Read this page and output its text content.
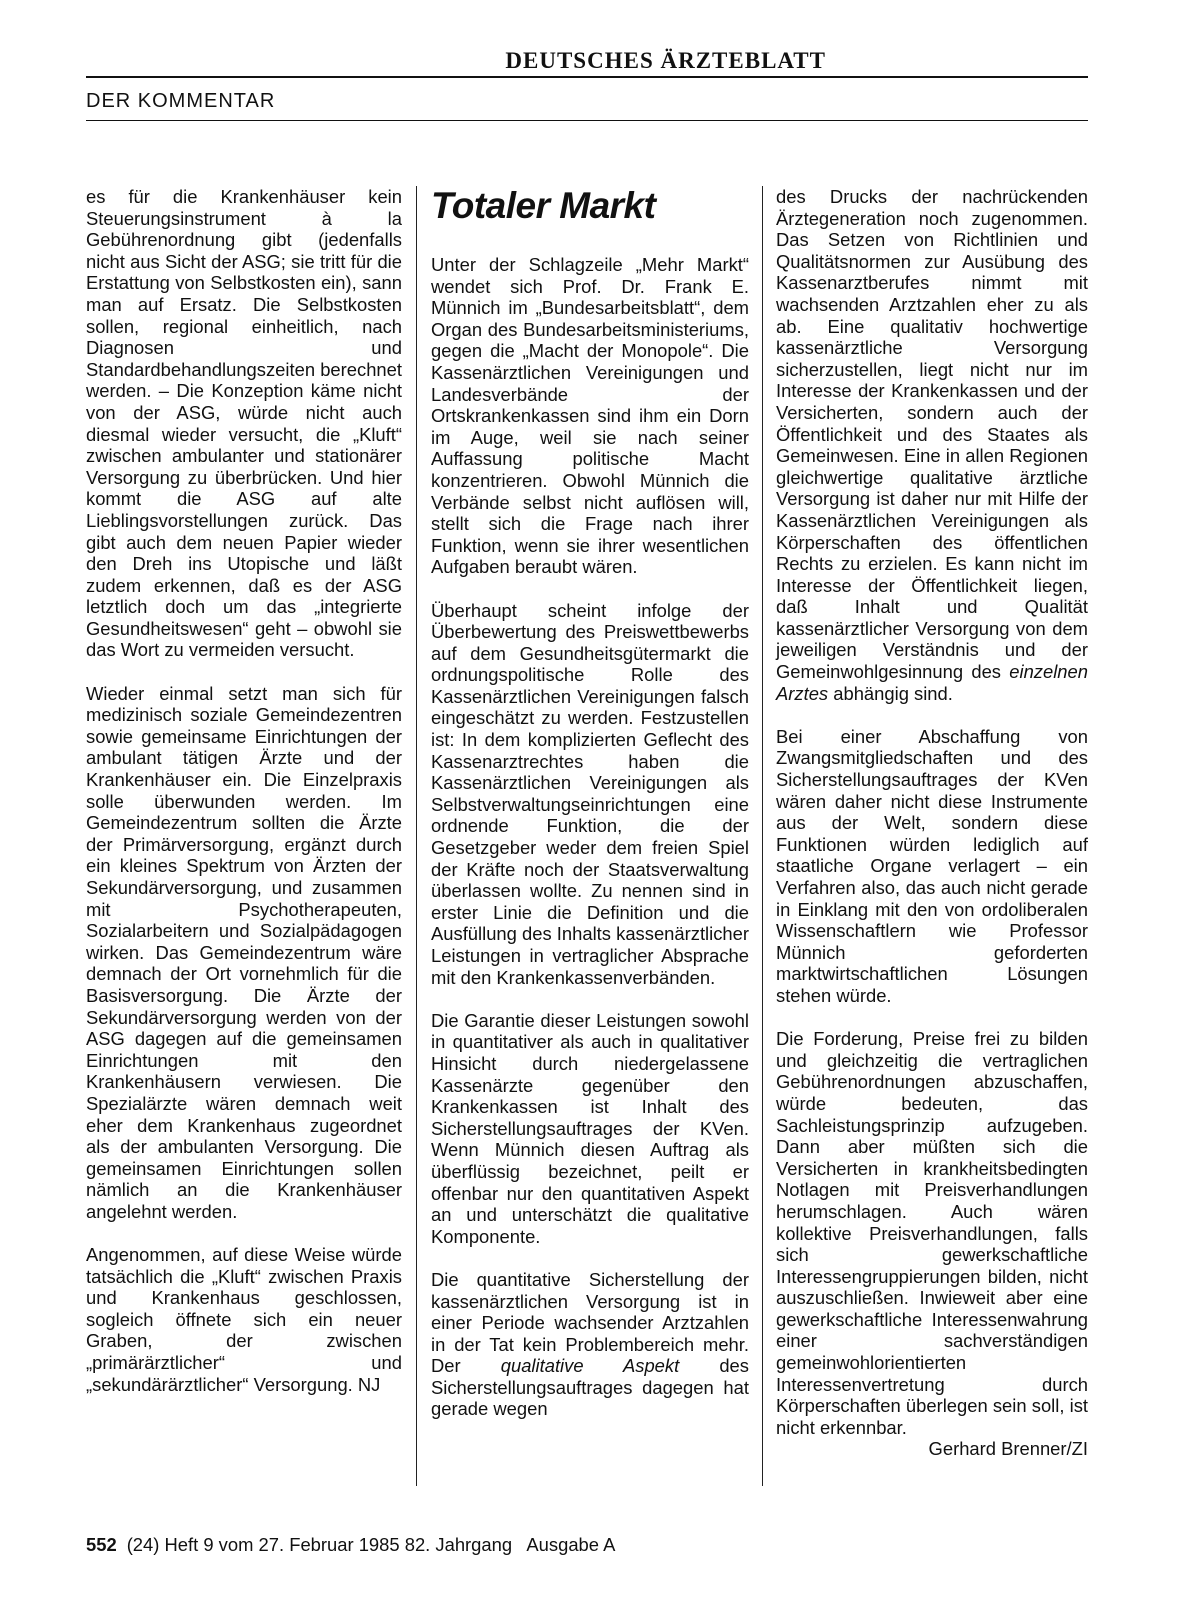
DEUTSCHES ÄRZTEBLATT
DER KOMMENTAR

es für die Krankenhäuser kein Steuerungsinstrument à la Gebührenordnung gibt (jedenfalls nicht aus Sicht der ASG; sie tritt für die Erstattung von Selbstkosten ein), sann man auf Ersatz. Die Selbstkosten sollen, regional einheitlich, nach Diagnosen und Standardbehandlungszeiten berechnet werden. – Die Konzeption käme nicht von der ASG, würde nicht auch diesmal wieder versucht, die „Kluft“ zwischen ambulanter und stationärer Versorgung zu überbrücken. Und hier kommt die ASG auf alte Lieblingsvorstellungen zurück. Das gibt auch dem neuen Papier wieder den Dreh ins Utopische und läßt zudem erkennen, daß es der ASG letztlich doch um das „integrierte Gesundheitswesen“ geht – obwohl sie das Wort zu vermeiden versucht.

Wieder einmal setzt man sich für medizinisch soziale Gemeindezentren sowie gemeinsame Einrichtungen der ambulant tätigen Ärzte und der Krankenhäuser ein. Die Einzelpraxis solle überwunden werden. Im Gemeindezentrum sollten die Ärzte der Primärversorgung, ergänzt durch ein kleines Spektrum von Ärzten der Sekundärversorgung, und zusammen mit Psychotherapeuten, Sozialarbeitern und Sozialpädagogen wirken. Das Gemeindezentrum wäre demnach der Ort vornehmlich für die Basisversorgung. Die Ärzte der Sekundärversorgung werden von der ASG dagegen auf die gemeinsamen Einrichtungen mit den Krankenhäusern verwiesen. Die Spezialärzte wären demnach weit eher dem Krankenhaus zugeordnet als der ambulanten Versorgung. Die gemeinsamen Einrichtungen sollen nämlich an die Krankenhäuser angelehnt werden.

Angenommen, auf diese Weise würde tatsächlich die „Kluft“ zwischen Praxis und Krankenhaus geschlossen, sogleich öffnete sich ein neuer Graben, der zwischen „primärärztlicher“ und „sekundärärztlicher“ Versorgung. NJ

Totaler Markt

Unter der Schlagzeile „Mehr Markt“ wendet sich Prof. Dr. Frank E. Münnich im „Bundesarbeitsblatt“, dem Organ des Bundesarbeitsministeriums, gegen die „Macht der Monopole“. Die Kassenärztlichen Vereinigungen und Landesverbände der Ortskrankenkassen sind ihm ein Dorn im Auge, weil sie nach seiner Auffassung politische Macht konzentrieren. Obwohl Münnich die Verbände selbst nicht auflösen will, stellt sich die Frage nach ihrer Funktion, wenn sie ihrer wesentlichen Aufgaben beraubt wären.

Überhaupt scheint infolge der Überbewertung des Preiswettbewerbs auf dem Gesundheitsgütermarkt die ordnungspolitische Rolle des Kassenärztlichen Vereinigungen falsch eingeschätzt zu werden. Festzustellen ist: In dem komplizierten Geflecht des Kassenarztrechtes haben die Kassenärztlichen Vereinigungen als Selbstverwaltungseinrichtungen eine ordnende Funktion, die der Gesetzgeber weder dem freien Spiel der Kräfte noch der Staatsverwaltung überlassen wollte. Zu nennen sind in erster Linie die Definition und die Ausfüllung des Inhalts kassenärztlicher Leistungen in vertraglicher Absprache mit den Krankenkassenverbänden.

Die Garantie dieser Leistungen sowohl in quantitativer als auch in qualitativer Hinsicht durch niedergelassene Kassenärzte gegenüber den Krankenkassen ist Inhalt des Sicherstellungsauftrages der KVen. Wenn Münnich diesen Auftrag als überflüssig bezeichnet, peilt er offenbar nur den quantitativen Aspekt an und unterschätzt die qualitative Komponente.

Die quantitative Sicherstellung der kassenärztlichen Versorgung ist in einer Periode wachsender Arztzahlen in der Tat kein Problembereich mehr. Der qualitative Aspekt des Sicherstellungsauftrages dagegen hat gerade wegen

des Drucks der nachrückenden Ärztegeneration noch zugenommen. Das Setzen von Richtlinien und Qualitätsnormen zur Ausübung des Kassenarztberufes nimmt mit wachsenden Arztzahlen eher zu als ab. Eine qualitativ hochwertige kassenärztliche Versorgung sicherzustellen, liegt nicht nur im Interesse der Krankenkassen und der Versicherten, sondern auch der Öffentlichkeit und des Staates als Gemeinwesen. Eine in allen Regionen gleichwertige qualitative ärztliche Versorgung ist daher nur mit Hilfe der Kassenärztlichen Vereinigungen als Körperschaften des öffentlichen Rechts zu erzielen. Es kann nicht im Interesse der Öffentlichkeit liegen, daß Inhalt und Qualität kassenärztlicher Versorgung von dem jeweiligen Verständnis und der Gemeinwohlgesinnung des einzelnen Arztes abhängig sind.

Bei einer Abschaffung von Zwangsmitgliedschaften und des Sicherstellungsauftrages der KVen wären daher nicht diese Instrumente aus der Welt, sondern diese Funktionen würden lediglich auf staatliche Organe verlagert – ein Verfahren also, das auch nicht gerade in Einklang mit den von ordoliberalen Wissenschaftlern wie Professor Münnich geforderten marktwirtschaftlichen Lösungen stehen würde.

Die Forderung, Preise frei zu bilden und gleichzeitig die vertraglichen Gebührenordnungen abzuschaffen, würde bedeuten, das Sachleistungsprinzip aufzugeben. Dann aber müßten sich die Versicherten in krankheitsbedingten Notlagen mit Preisverhandlungen herumschlagen. Auch wären kollektive Preisverhandlungen, falls sich gewerkschaftliche Interessengruppierungen bilden, nicht auszuschließen. Inwieweit aber eine gewerkschaftliche Interessenwahrung einer sachverständigen gemeinwohlorientierten Interessenvertretung durch Körperschaften überlegen sein soll, ist nicht erkennbar.

Gerhard Brenner/ZI
552 (24) Heft 9 vom 27. Februar 1985 82. Jahrgang   Ausgabe A
